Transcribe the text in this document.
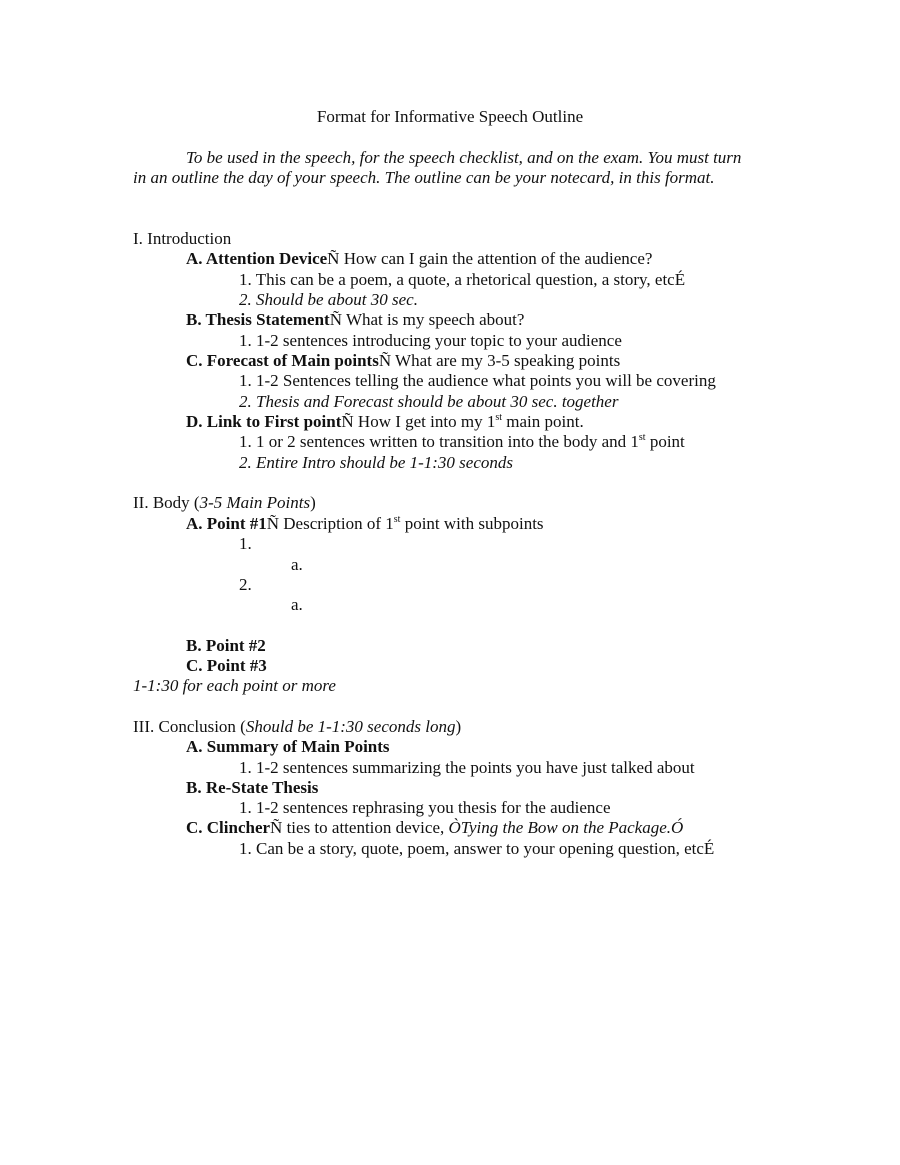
Format for Informative Speech Outline
To be used in the speech, for the speech checklist, and on the exam. You must turn in an outline the day of your speech. The outline can be your notecard, in this format.
I. Introduction
A. Attention DeviceÑ How can I gain the attention of the audience?
1. This can be a poem, a quote, a rhetorical question, a story, etcÉ
2. Should be about 30 sec.
B. Thesis StatementÑ What is my speech about?
1. 1-2 sentences introducing your topic to your audience
C. Forecast of Main pointsÑ What are my 3-5 speaking points
1. 1-2 Sentences telling the audience what points you will be covering
2. Thesis and Forecast should be about 30 sec. together
D. Link to First pointÑ How I get into my 1st main point.
1. 1 or 2 sentences written to transition into the body and 1st point
2. Entire Intro should be 1-1:30 seconds
II. Body (3-5 Main Points)
A. Point #1Ñ Description of 1st point with subpoints
1.
a.
2.
a.
B. Point #2
C. Point #3
1-1:30 for each point or more
III. Conclusion (Should be 1-1:30 seconds long)
A. Summary of Main Points
1. 1-2 sentences summarizing the points you have just talked about
B. Re-State Thesis
1. 1-2 sentences rephrasing you thesis for the audience
C. ClincherÑ ties to attention device, ÒTying the Bow on the Package.Ó
1. Can be a story, quote, poem, answer to your opening question, etcÉ
